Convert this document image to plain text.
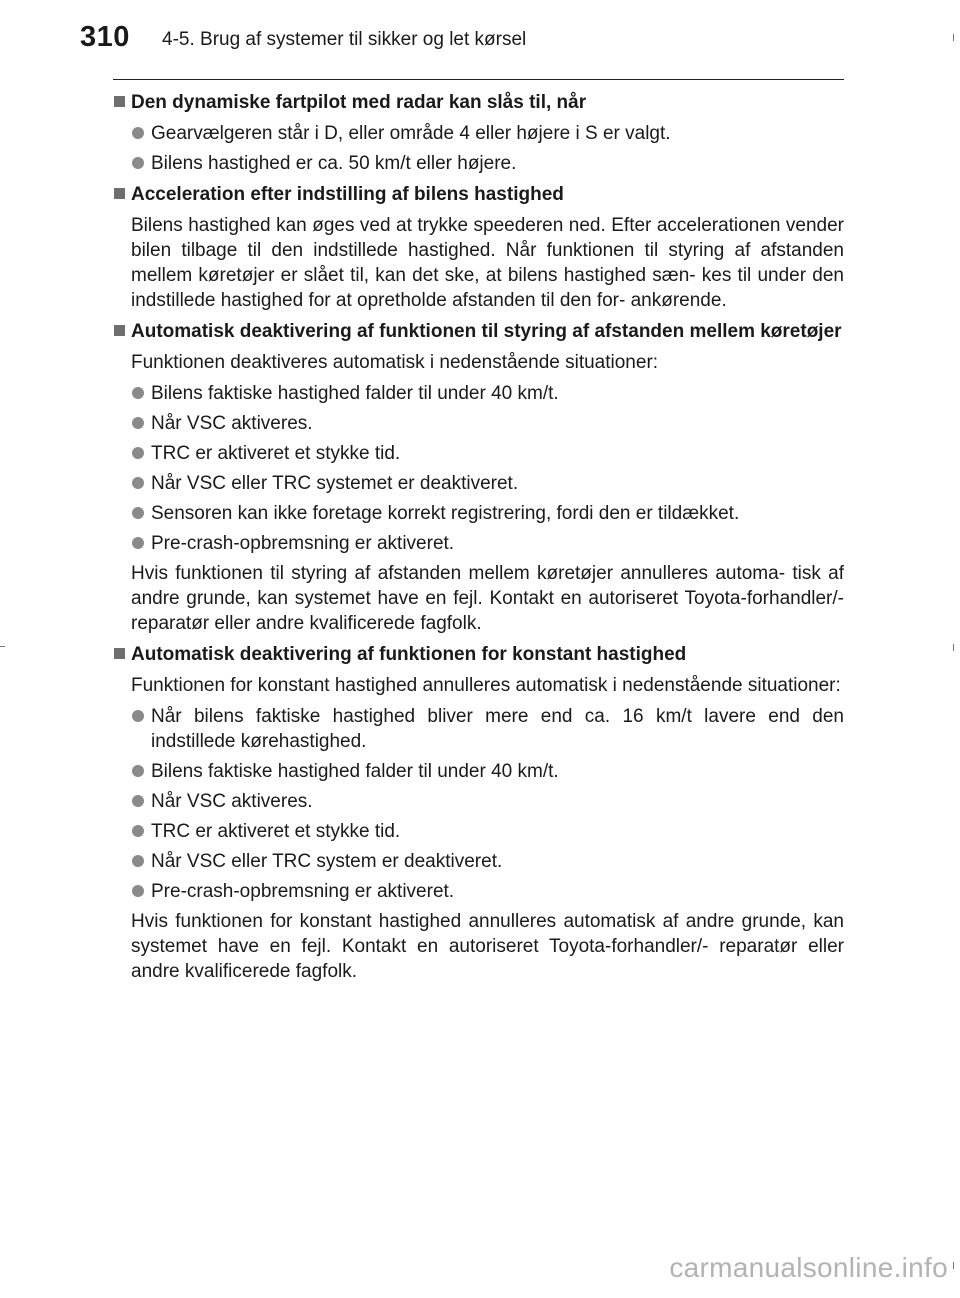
310 4-5. Brug af systemer til sikker og let kørsel
Den dynamiske fartpilot med radar kan slås til, når
Gearvælgeren står i D, eller område 4 eller højere i S er valgt.
Bilens hastighed er ca. 50 km/t eller højere.
Acceleration efter indstilling af bilens hastighed
Bilens hastighed kan øges ved at trykke speederen ned. Efter accelerationen vender bilen tilbage til den indstillede hastighed. Når funktionen til styring af afstanden mellem køretøjer er slået til, kan det ske, at bilens hastighed sæn- kes til under den indstillede hastighed for at opretholde afstanden til den for- ankørende.
Automatisk deaktivering af funktionen til styring af afstanden mellem køretøjer
Funktionen deaktiveres automatisk i nedenstående situationer:
Bilens faktiske hastighed falder til under 40 km/t.
Når VSC aktiveres.
TRC er aktiveret et stykke tid.
Når VSC eller TRC systemet er deaktiveret.
Sensoren kan ikke foretage korrekt registrering, fordi den er tildækket.
Pre-crash-opbremsning er aktiveret.
Hvis funktionen til styring af afstanden mellem køretøjer annulleres automa- tisk af andre grunde, kan systemet have en fejl. Kontakt en autoriseret Toyota-forhandler/-reparatør eller andre kvalificerede fagfolk.
Automatisk deaktivering af funktionen for konstant hastighed
Funktionen for konstant hastighed annulleres automatisk i nedenstående situationer:
Når bilens faktiske hastighed bliver mere end ca. 16 km/t lavere end den indstillede kørehastighed.
Bilens faktiske hastighed falder til under 40 km/t.
Når VSC aktiveres.
TRC er aktiveret et stykke tid.
Når VSC eller TRC system er deaktiveret.
Pre-crash-opbremsning er aktiveret.
Hvis funktionen for konstant hastighed annulleres automatisk af andre grunde, kan systemet have en fejl. Kontakt en autoriseret Toyota-forhandler/- reparatør eller andre kvalificerede fagfolk.
carmanualsonline.info
